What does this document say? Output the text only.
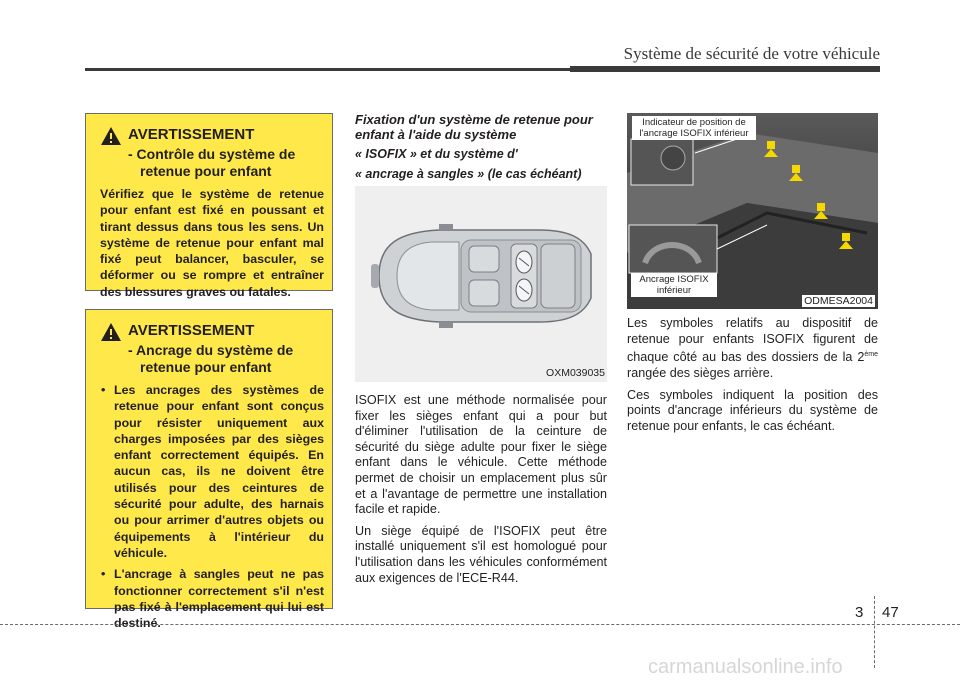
Système de sécurité de votre véhicule
AVERTISSEMENT
- Contrôle du système de retenue pour enfant
Vérifiez que le système de retenue pour enfant est fixé en poussant et tirant dessus dans tous les sens. Un système de retenue pour enfant mal fixé peut balancer, basculer, se déformer ou se rompre et entraîner des blessures graves ou fatales.
AVERTISSEMENT
- Ancrage du système de retenue pour enfant
• Les ancrages des systèmes de retenue pour enfant sont conçus pour résister uniquement aux charges imposées par des sièges enfant correctement équipés. En aucun cas, ils ne doivent être utilisés pour des ceintures de sécurité pour adulte, des harnais ou pour arrimer d'autres objets ou équipements à l'intérieur du véhicule.
• L'ancrage à sangles peut ne pas fonctionner correctement s'il n'est pas fixé à l'emplacement qui lui est destiné.
Fixation d'un système de retenue pour enfant à l'aide du système
« ISOFIX » et du système d'
« ancrage à sangles » (le cas échéant)
OXM039035

ISOFIX est une méthode normalisée pour fixer les sièges enfant qui a pour but d'éliminer l'utilisation de la ceinture de sécurité du siège adulte pour fixer le siège enfant dans le véhicule. Cette méthode permet de choisir un emplacement plus sûr et a l'avantage de permettre une installation facile et rapide.

Un siège équipé de l'ISOFIX peut être installé uniquement s'il est homologué pour l'utilisation dans les véhicules conformément aux exigences de l'ECE-R44.

Indicateur de position de l'ancrage ISOFIX inférieur
Ancrage ISOFIX inférieur
ODMESA2004

Les symboles relatifs au dispositif de retenue pour enfants ISOFIX figurent de chaque côté au bas des dossiers de la 2ème rangée des sièges arrière.

Ces symboles indiquent la position des points d'ancrage inférieurs du système de retenue pour enfants, le cas échéant.

3 47
carmanualsonline.info
